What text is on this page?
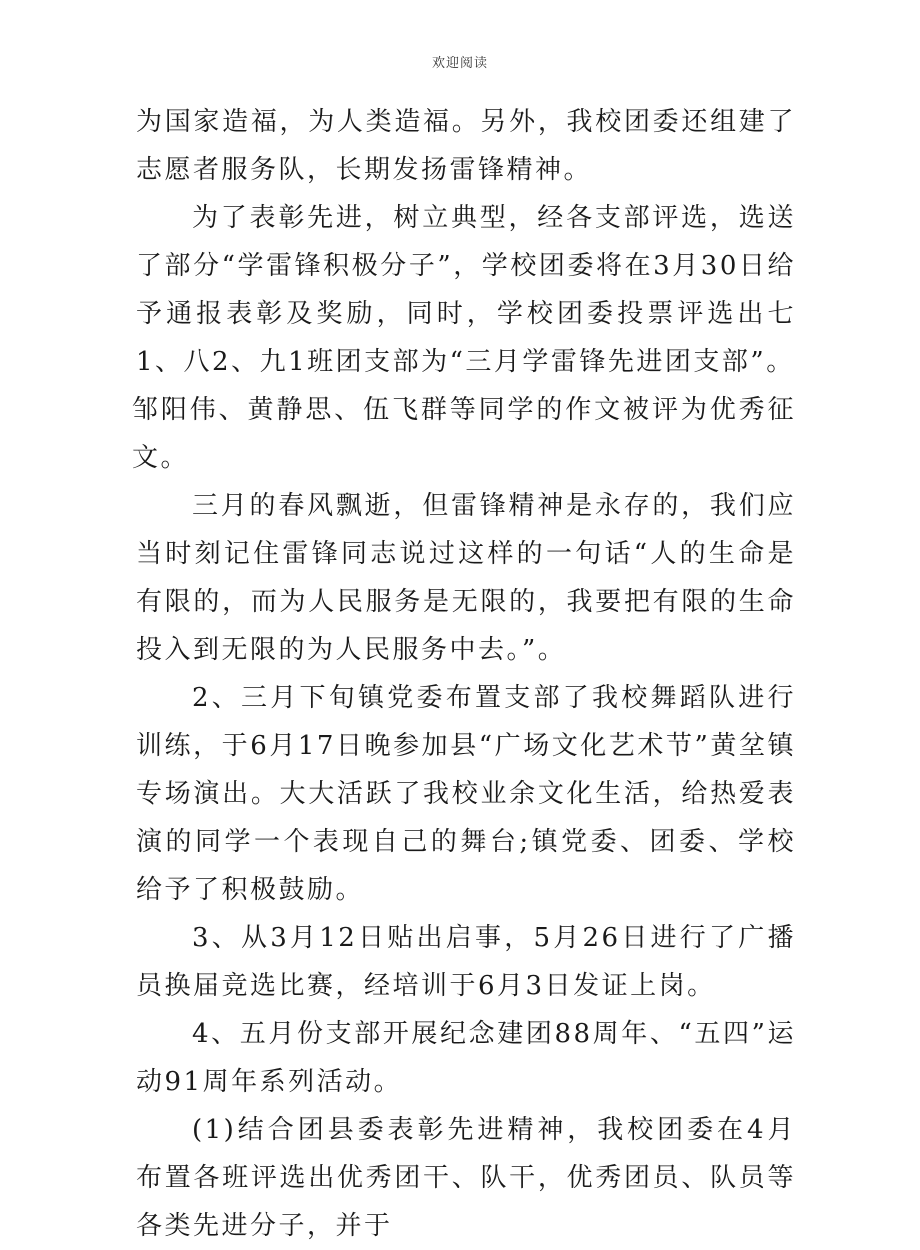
欢迎阅读

为国家造福，为人类造福。另外，我校团委还组建了志愿者服务队，长期发扬雷锋精神。

为了表彰先进，树立典型，经各支部评选，选送了部分“学雷锋积极分子”，学校团委将在3月30日给予通报表彰及奖励，同时，学校团委投票评选出七1、八2、九1班团支部为“三月学雷锋先进团支部”。

邹阳伟、黄静思、伍飞群等同学的作文被评为优秀征文。

三月的春风飘逝，但雷锋精神是永存的，我们应当时刻记住雷锋同志说过这样的一句话“人的生命是有限的，而为人民服务是无限的，我要把有限的生命投入到无限的为人民服务中去。”。

2、三月下旬镇党委布置支部了我校舞蹈队进行训练，于6月17日晚参加县“广场文化艺术节”黄坌镇专场演出。大大活跃了我校业余文化生活，给热爱表演的同学一个表现自己的舞台;镇党委、团委、学校给予了积极鼓励。

3、从3月12日贴出启事，5月26日进行了广播员换届竞选比赛，经培训于6月3日发证上岗。

4、五月份支部开展纪念建团88周年、“五四”运动91周年系列活动。

(1)结合团县委表彰先进精神，我校团委在4月布置各班评选出优秀团干、队干，优秀团员、队员等各类先进分子，并于
